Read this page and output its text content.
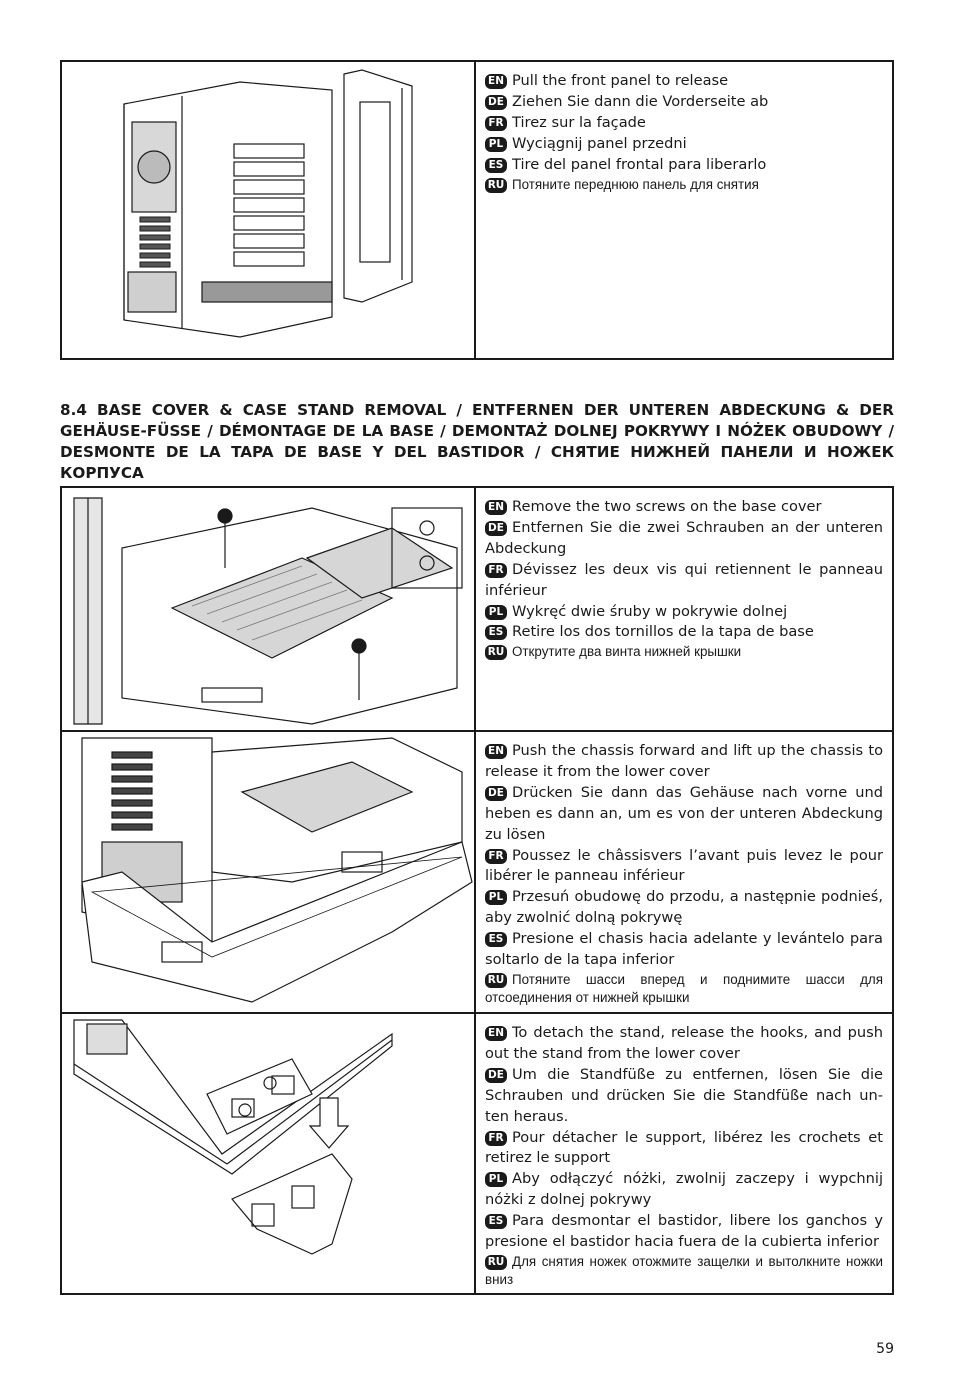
EN Pull the front panel to release
DE Ziehen Sie dann die Vorderseite ab
FR Tirez sur la façade
PL Wyciągnij panel przedni
ES Tire del panel frontal para liberarlo
RU Потяните переднюю панель для снятия
8.4 BASE COVER & CASE STAND REMOVAL / ENTFERNEN DER UNTEREN ABDECKUNG & DER GEHÄUSE-FÜSSE / DÉMONTAGE DE LA BASE / DEMONTAŻ DOLNEJ POKRYWY I NÓŻEK OBUDOWY / DESMONTE DE LA TAPA DE BASE Y DEL BASTIDOR / СНЯТИЕ НИЖНЕЙ ПАНЕЛИ И НОЖЕК КОРПУСА
EN Remove the two screws on the base cover
DE Entfernen Sie die zwei Schrauben an der unteren Abdeckung
FR Dévissez les deux vis qui retiennent le panneau inférieur
PL Wykręć dwie śruby w pokrywie dolnej
ES Retire los dos tornillos de la tapa de base
RU Открутите два винта нижней крышки
EN Push the chassis forward and lift up the chassis to release it from the lower cover
DE Drücken Sie dann das Gehäuse nach vorne und heben es dann an, um es von der unteren Abdeckung zu lösen
FR Poussez le châssisvers l’avant puis levez le pour libérer le panneau inférieur
PL Przesuń obudowę do przodu, a następnie podnieś, aby zwolnić dolną pokrywę
ES Presione el chasis hacia adelante y levántelo para soltarlo de la tapa inferior
RU Потяните шасси вперед и поднимите шасси для отсоединения от нижней крышки
EN To detach the stand, release the hooks, and push out the stand from the lower cover
DE Um die Standfüße zu entfernen, lösen Sie die Schrauben und drücken Sie die Standfüße nach un-ten heraus.
FR Pour détacher le support, libérez les crochets et retirez le support
PL Aby odłączyć nóżki, zwolnij zaczepy i wypchnij nóżki z dolnej pokrywy
ES Para desmontar el bastidor, libere los ganchos y presione el bastidor hacia fuera de la cubierta inferior
RU Для снятия ножек отожмите защелки и вытолкните ножки вниз
59
